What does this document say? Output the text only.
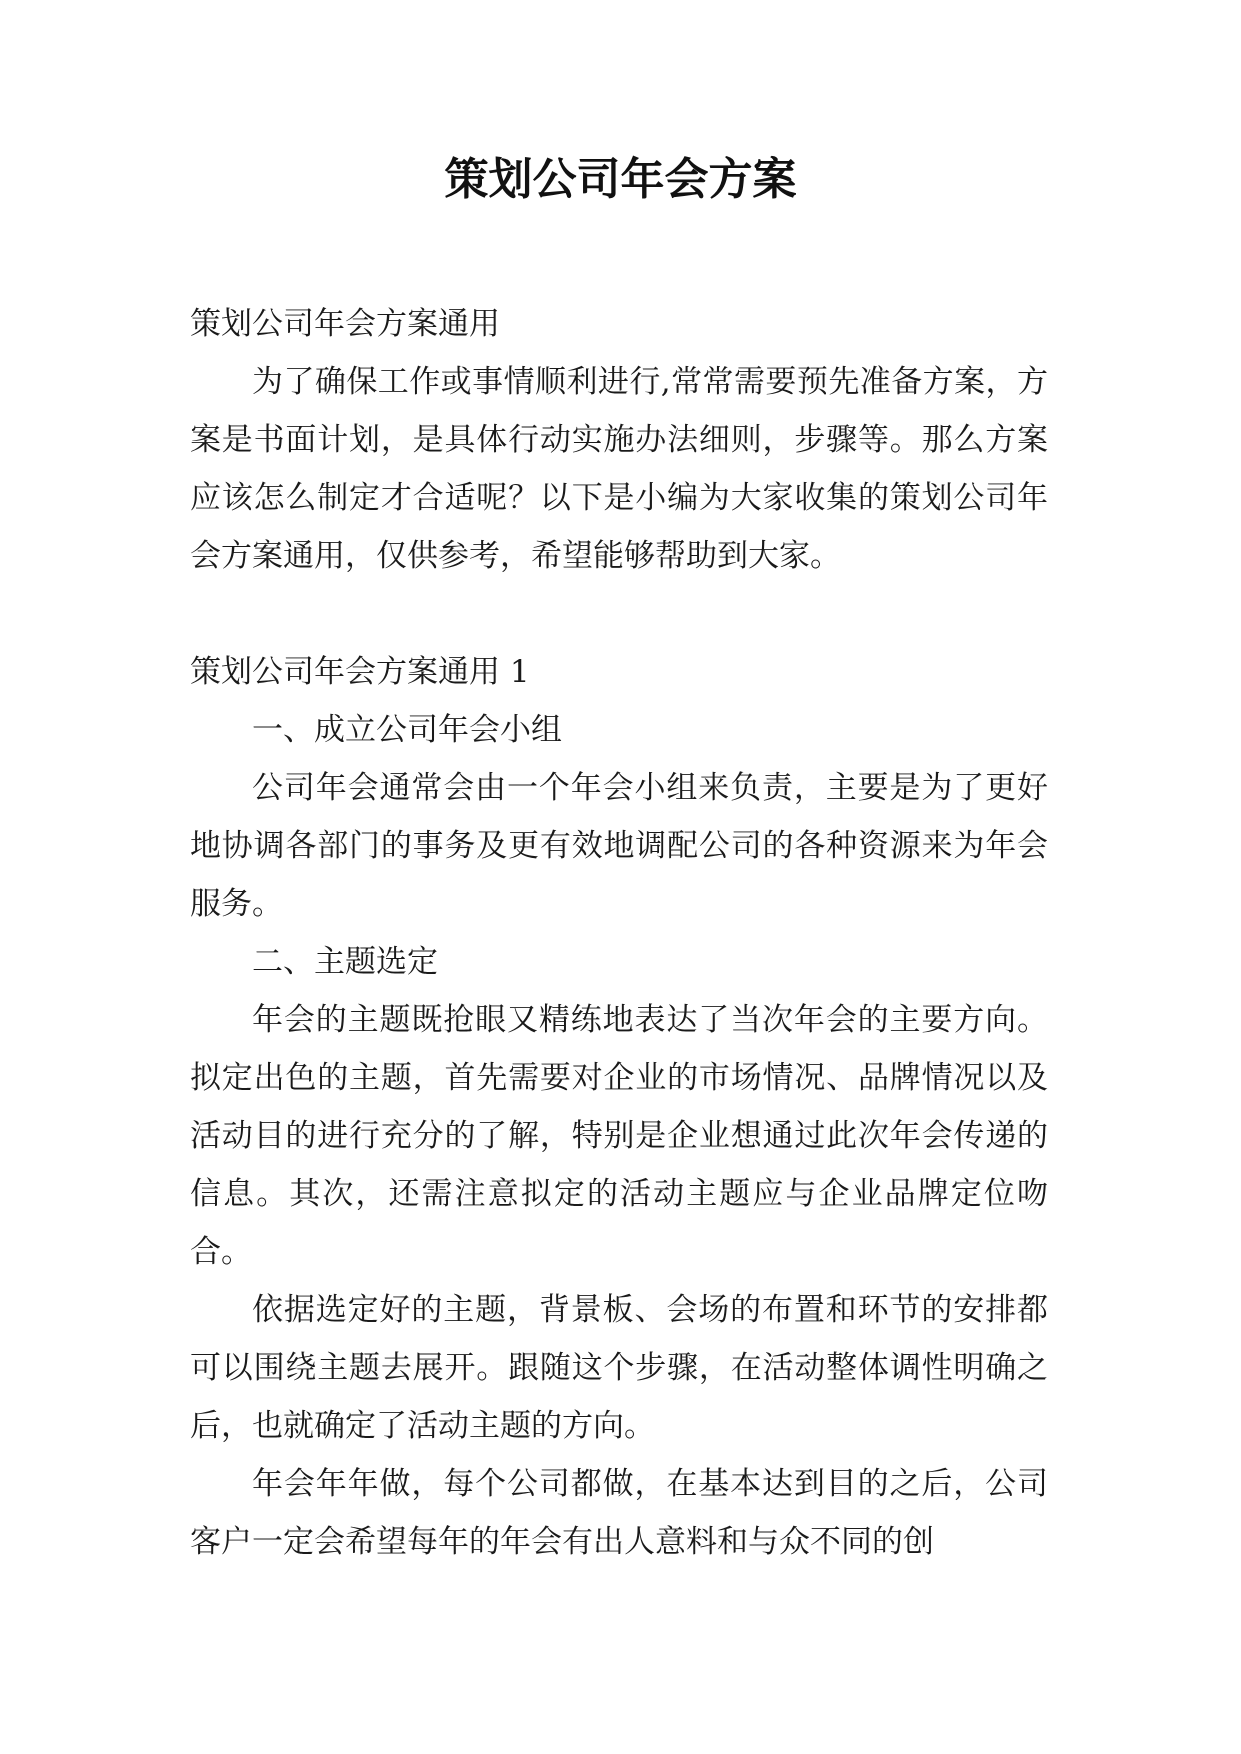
策划公司年会方案

策划公司年会方案通用

为了确保工作或事情顺利进行,常常需要预先准备方案，方案是书面计划，是具体行动实施办法细则，步骤等。那么方案应该怎么制定才合适呢？以下是小编为大家收集的策划公司年会方案通用，仅供参考，希望能够帮助到大家。

策划公司年会方案通用 1

一、成立公司年会小组

公司年会通常会由一个年会小组来负责，主要是为了更好地协调各部门的事务及更有效地调配公司的各种资源来为年会服务。

二、主题选定

年会的主题既抢眼又精练地表达了当次年会的主要方向。拟定出色的主题，首先需要对企业的市场情况、品牌情况以及活动目的进行充分的了解，特别是企业想通过此次年会传递的信息。其次，还需注意拟定的活动主题应与企业品牌定位吻合。

依据选定好的主题，背景板、会场的布置和环节的安排都可以围绕主题去展开。跟随这个步骤，在活动整体调性明确之后，也就确定了活动主题的方向。

年会年年做，每个公司都做，在基本达到目的之后，公司客户一定会希望每年的年会有出人意料和与众不同的创
